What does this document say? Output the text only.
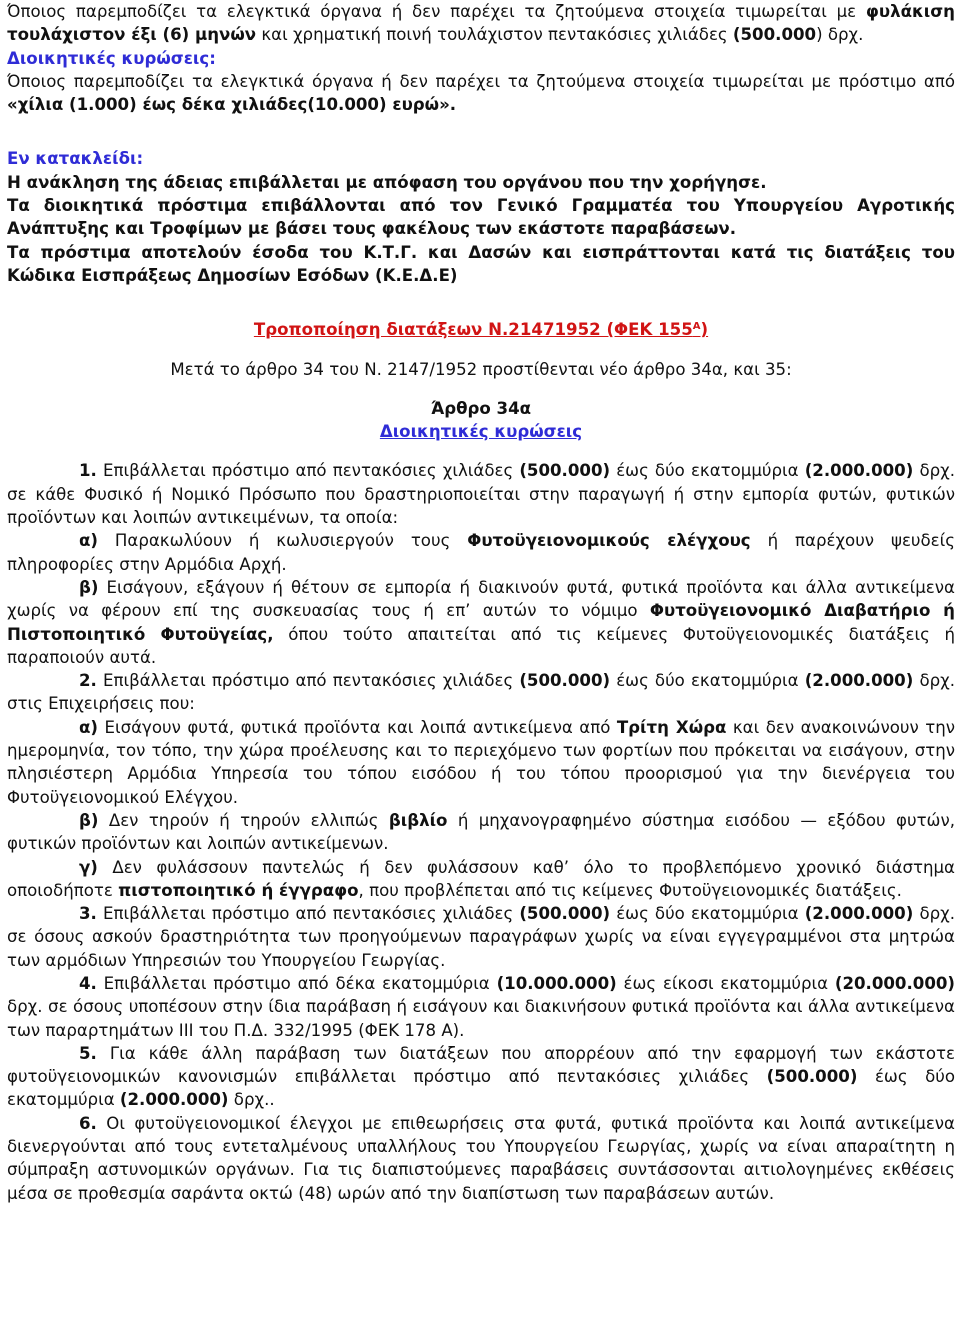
Όποιος παρεμποδίζει τα ελεγκτικά όργανα ή δεν παρέχει τα ζητούμενα στοιχεία τιμωρείται με φυλάκιση τουλάχιστον έξι (6) μηνών και χρηματική ποινή τουλάχιστον πεντακόσιες χιλιάδες (500.000) δρχ.

Διοικητικές κυρώσεις:

Όποιος παρεμποδίζει τα ελεγκτικά όργανα ή δεν παρέχει τα ζητούμενα στοιχεία τιμωρείται με πρόστιμο από «χίλια (1.000) έως δέκα χιλιάδες(10.000) ευρώ».

Εν κατακλείδι:

Η ανάκληση της άδειας επιβάλλεται με απόφαση του οργάνου που την χορήγησε.

Τα διοικητικά πρόστιμα επιβάλλονται από τον Γενικό Γραμματέα του Υπουργείου Αγροτικής Ανάπτυξης και Τροφίμων με βάσει τους φακέλους των εκάστοτε παραβάσεων.

Τα πρόστιμα αποτελούν έσοδα του Κ.Τ.Γ. και Δασών και εισπράττονται κατά τις διατάξεις του Κώδικα Εισπράξεως Δημοσίων Εσόδων (Κ.Ε.Δ.Ε)

Τροποποίηση διατάξεων Ν.21471952 (ΦΕΚ $155^A$)

Μετά το άρθρο 34 του Ν. 2147/1952 προστίθενται νέο άρθρο 34α, και 35:

Άρθρο 34α

Διοικητικές κυρώσεις

1. Επιβάλλεται πρόστιμο από πεντακόσιες χιλιάδες (500.000) έως δύο εκατομμύρια (2.000.000) δρχ. σε κάθε Φυσικό ή Νομικό Πρόσωπο που δραστηριοποιείται στην παραγωγή ή στην εμπορία φυτών, φυτικών προϊόντων και λοιπών αντικειμένων, τα οποία:

α) Παρακωλύουν ή κωλυσιεργούν τους Φυτοϋγειονομικούς ελέγχους ή παρέχουν ψευδείς πληροφορίες στην Αρμόδια Αρχή.

β) Εισάγουν, εξάγουν ή θέτουν σε εμπορία ή διακινούν φυτά, φυτικά προϊόντα και άλλα αντικείμενα χωρίς να φέρουν επί της συσκευασίας τους ή επ’ αυτών το νόμιμο Φυτοϋγειονομικό Διαβατήριο ή Πιστοποιητικό Φυτοϋγείας, όπου τούτο απαιτείται από τις κείμενες Φυτοϋγειονομικές διατάξεις ή παραποιούν αυτά.

2. Επιβάλλεται πρόστιμο από πεντακόσιες χιλιάδες (500.000) έως δύο εκατομμύρια (2.000.000) δρχ. στις Επιχειρήσεις που:

α) Εισάγουν φυτά, φυτικά προϊόντα και λοιπά αντικείμενα από Τρίτη Χώρα και δεν ανακοινώνουν την ημερομηνία, τον τόπο, την χώρα προέλευσης και το περιεχόμενο των φορτίων που πρόκειται να εισάγουν, στην πλησιέστερη Αρμόδια Υπηρεσία του τόπου εισόδου ή του τόπου προορισμού για την διενέργεια του Φυτοϋγειονομικού Ελέγχου.

β) Δεν τηρούν ή τηρούν ελλιπώς βιβλίο ή μηχανογραφημένο σύστημα εισόδου — εξόδου φυτών, φυτικών προϊόντων και λοιπών αντικείμενων.

γ) Δεν φυλάσσουν παντελώς ή δεν φυλάσσουν καθ’ όλο το προβλεπόμενο χρονικό διάστημα οποιοδήποτε πιστοποιητικό ή έγγραφο, που προβλέπεται από τις κείμενες Φυτοϋγειονομικές διατάξεις.

3. Επιβάλλεται πρόστιμο από πεντακόσιες χιλιάδες (500.000) έως δύο εκατομμύρια (2.000.000) δρχ. σε όσους ασκούν δραστηριότητα των προηγούμενων παραγράφων χωρίς να είναι εγγεγραμμένοι στα μητρώα των αρμόδιων Υπηρεσιών του Υπουργείου Γεωργίας.

4. Επιβάλλεται πρόστιμο από δέκα εκατομμύρια (10.000.000) έως είκοσι εκατομμύρια (20.000.000) δρχ. σε όσους υποπέσουν στην ίδια παράβαση ή εισάγουν και διακινήσουν φυτικά προϊόντα και άλλα αντικείμενα των παραρτημάτων ΙΙΙ του Π.Δ. 332/1995 (ΦΕΚ 178 Α).

5. Για κάθε άλλη παράβαση των διατάξεων που απορρέουν από την εφαρμογή των εκάστοτε φυτοϋγειονομικών κανονισμών επιβάλλεται πρόστιμο από πεντακόσιες χιλιάδες (500.000) έως δύο εκατομμύρια (2.000.000) δρχ..

6. Οι φυτοϋγειονομικοί έλεγχοι με επιθεωρήσεις στα φυτά, φυτικά προϊόντα και λοιπά αντικείμενα διενεργούνται από τους εντεταλμένους υπαλλήλους του Υπουργείου Γεωργίας, χωρίς να είναι απαραίτητη η σύμπραξη αστυνομικών οργάνων. Για τις διαπιστούμενες παραβάσεις συντάσσονται αιτιολογημένες εκθέσεις μέσα σε προθεσμία σαράντα οκτώ (48) ωρών από την διαπίστωση των παραβάσεων αυτών.
